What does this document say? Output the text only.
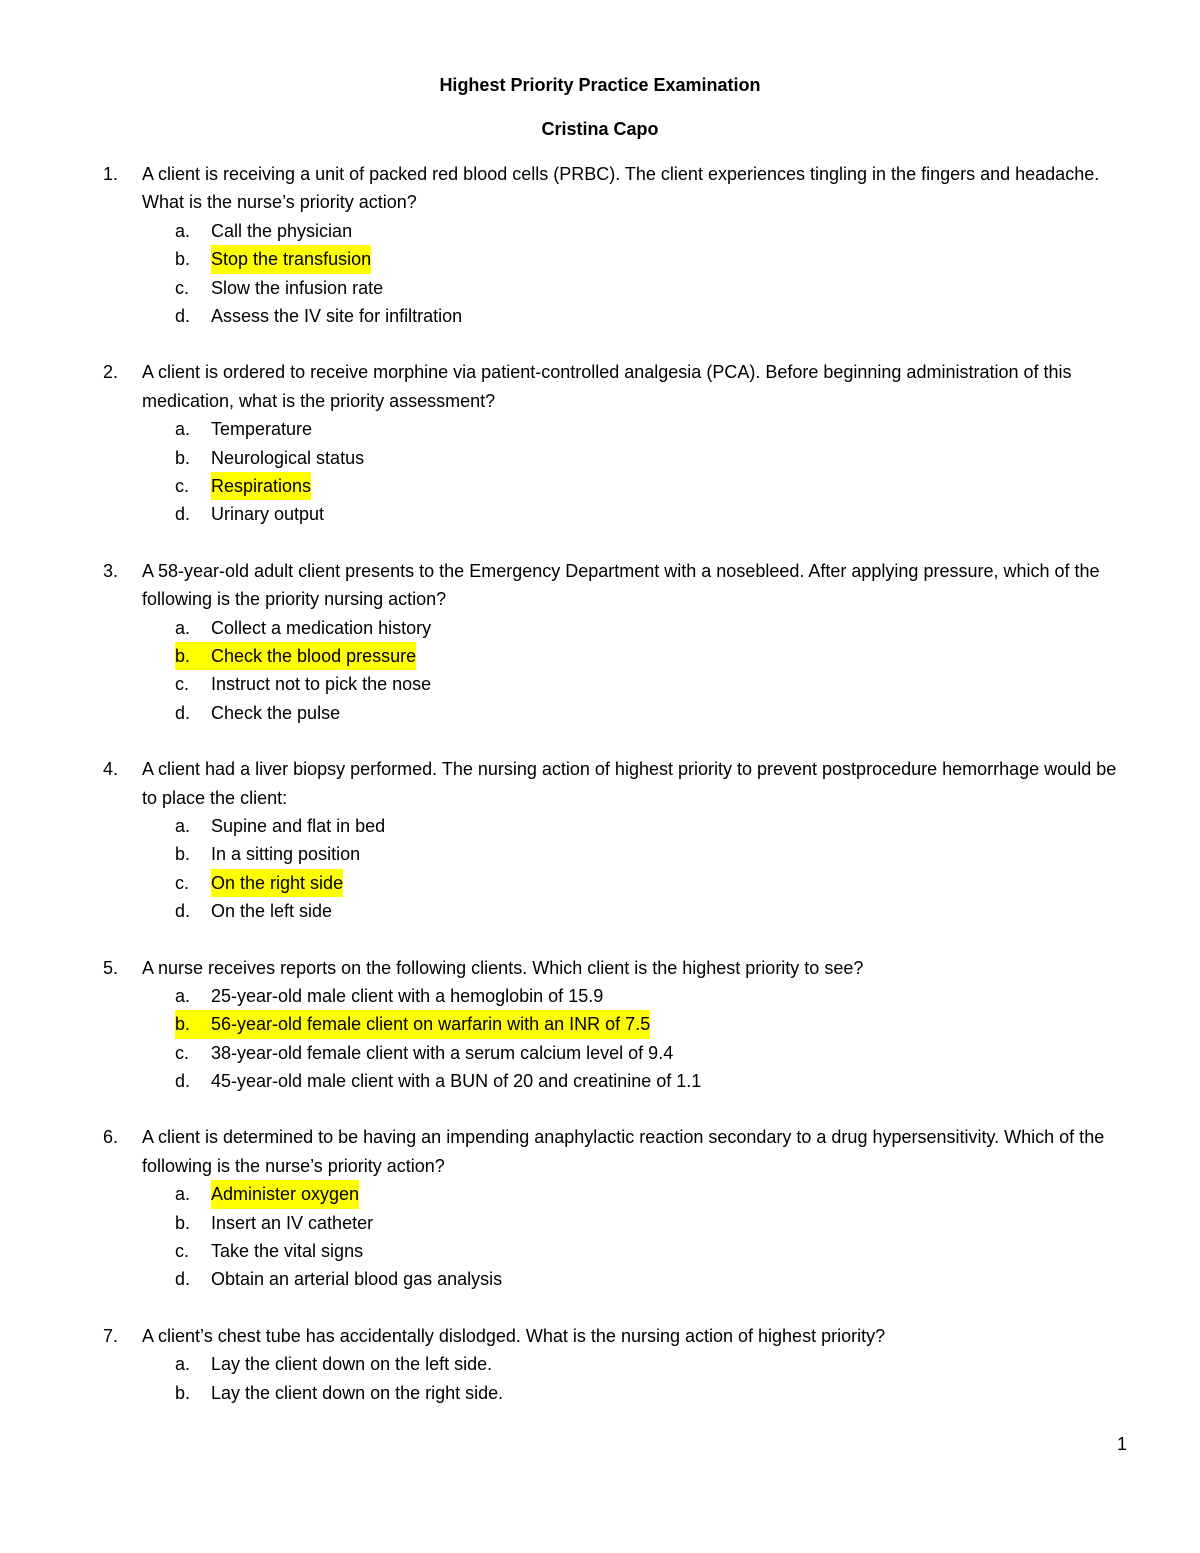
Highest Priority Practice Examination
Cristina Capo
1. A client is receiving a unit of packed red blood cells (PRBC). The client experiences tingling in the fingers and headache. What is the nurse’s priority action?
a. Call the physician
b. Stop the transfusion
c. Slow the infusion rate
d. Assess the IV site for infiltration
2. A client is ordered to receive morphine via patient-controlled analgesia (PCA). Before beginning administration of this medication, what is the priority assessment?
a. Temperature
b. Neurological status
c. Respirations
d. Urinary output
3. A 58-year-old adult client presents to the Emergency Department with a nosebleed. After applying pressure, which of the following is the priority nursing action?
a. Collect a medication history
b.	Check the blood pressure
c. Instruct not to pick the nose
d. Check the pulse
4. A client had a liver biopsy performed. The nursing action of highest priority to prevent postprocedure hemorrhage would be to place the client:
a. Supine and flat in bed
b. In a sitting position
c. On the right side
d. On the left side
5. A nurse receives reports on the following clients. Which client is the highest priority to see?
a. 25-year-old male client with a hemoglobin of 15.9
b.	56-year-old female client on warfarin with an INR of 7.5
c. 38-year-old female client with a serum calcium level of 9.4
d. 45-year-old male client with a BUN of 20 and creatinine of 1.1
6. A client is determined to be having an impending anaphylactic reaction secondary to a drug hypersensitivity. Which of the following is the nurse’s priority action?
a. Administer oxygen
b. Insert an IV catheter
c. Take the vital signs
d. Obtain an arterial blood gas analysis
7. A client’s chest tube has accidentally dislodged. What is the nursing action of highest priority?
a. Lay the client down on the left side.
b. Lay the client down on the right side.
1
